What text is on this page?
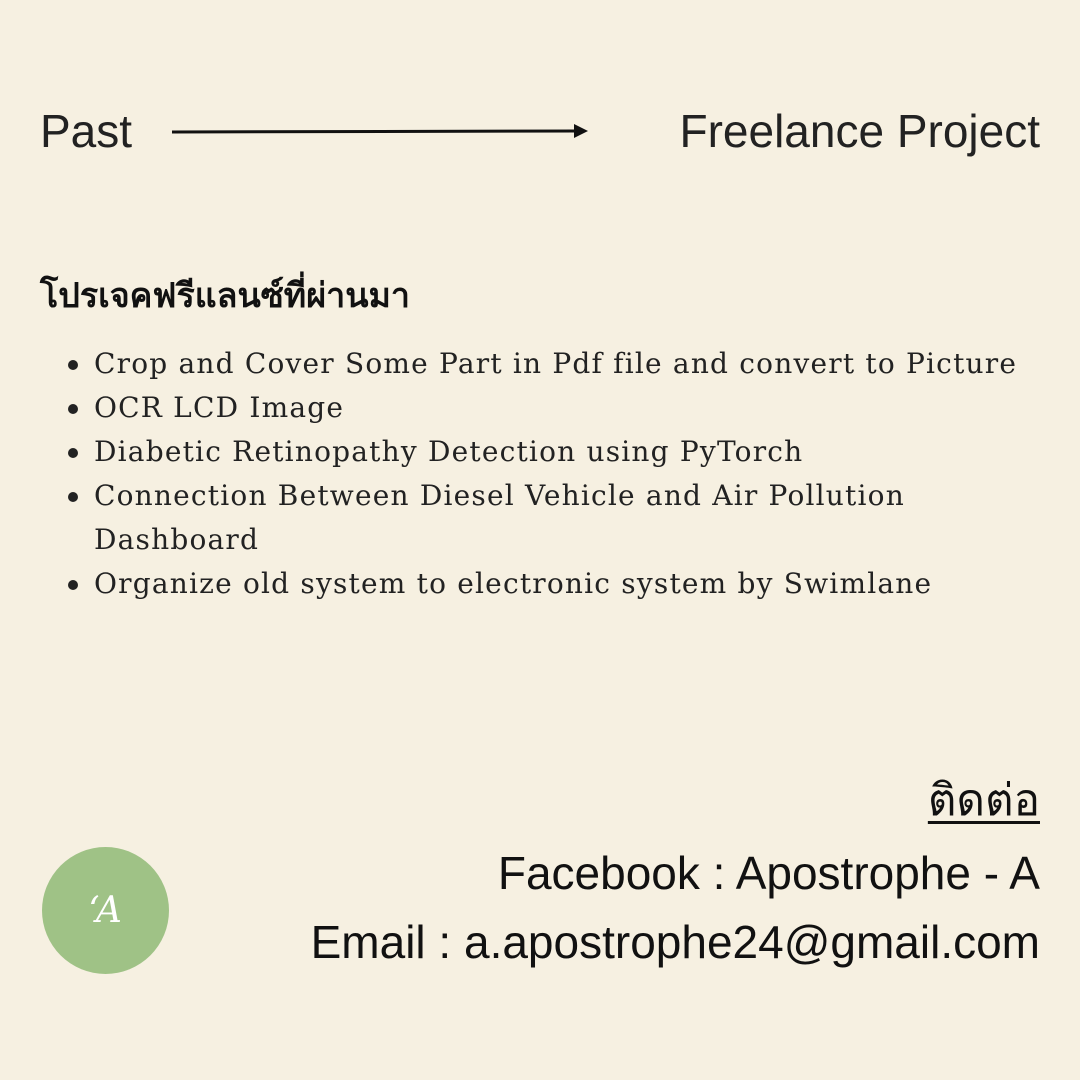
Past	Freelance Project
โปรเจคฟรีแลนซ์ที่ผ่านมา
Crop and Cover Some Part in Pdf file and convert to Picture
OCR LCD Image
Diabetic Retinopathy Detection using PyTorch
Connection Between Diesel Vehicle and Air Pollution Dashboard
Organize old system to electronic system by Swimlane
ติดต่อ
Facebook : Apostrophe - A
Email : a.apostrophe24@gmail.com
‘A
